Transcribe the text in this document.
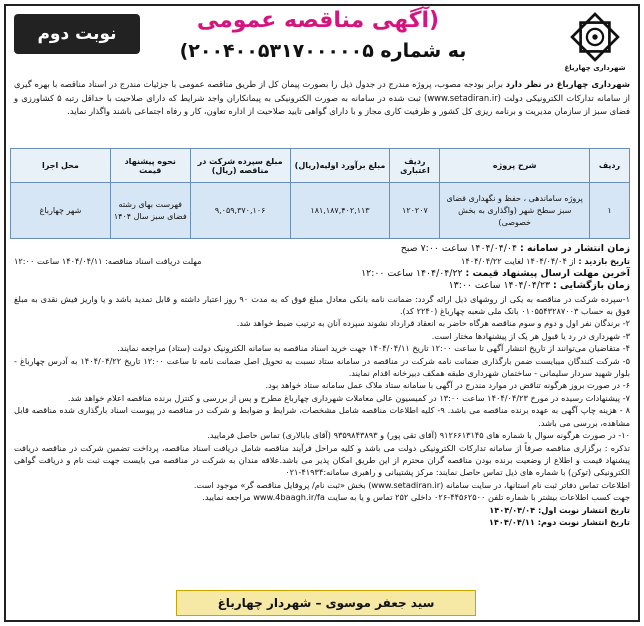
شهرداری چهارباغ
(آگهی مناقصه عمومی
به شماره ۲۰۰۴۰۰۵۳۱۷۰۰۰۰۰۵)
نوبت دوم
شهرداری چهارباغ در نظر دارد برابر بودجه مصوب، پروژه مندرج در جدول ذیل را بصورت پیمان کل از طریق مناقصه عمومی با جزئیات مندرج در اسناد مناقصه با بهره گیری از سامانه تدارکات الکترونیکی دولت (www.setadiran.ir) ثبت شده در سامانه به صورت الکترونیکی به پیمانکاران واجد شرایط که دارای صلاحیت با حداقل رتبه ۵ کشاورزی و فضای سبز از سازمان مدیریت و برنامه ریزی کل کشور و ظرفیت کاری مجاز و با دارای گواهی تایید صلاحیت از اداره تعاون، کار و رفاه اجتماعی باشند واگذار نماید.
ردیف	شرح پروژه	ردیف اعتباری	مبلغ برآورد اولیه(ریال)	مبلغ سپرده شرکت در مناقصه (ریال)	نحوه پیشنهاد قیمت	محل اجرا
۱	پروژه ساماندهی ، حفظ و نگهداری فضای سبز سطح شهر (واگذاری به بخش خصوصی)	۱۲۰۲۰۷	۱۸۱,۱۸۷,۴۰۲,۱۱۳	۹,۰۵۹,۳۷۰,۱۰۶	فهرست بهای رشته فضای سبز سال ۱۴۰۴	شهر چهارباغ

زمان انتشار در سامانه : ۱۴۰۴/۰۴/۰۴ ساعت ۷:۰۰ صبح

تاریخ بازدید : از ۱۴۰۴/۰۴/۰۴ لغایت ۱۴۰۴/۰۴/۲۲
مهلت دریافت اسناد مناقصه: ۱۴۰۴/۰۴/۱۱ ساعت ۱۲:۰۰

آخرین مهلت ارسال پیشنهاد قیمت : ۱۴۰۴/۰۴/۲۲ ساعت ۱۲:۰۰

زمان بازگشایی : ۱۴۰۴/۰۴/۲۳ ساعت ۱۳:۰۰

۱-سپرده شرکت در مناقصه به یکی از روشهای ذیل ارائه گردد: ضمانت نامه بانکی معادل مبلغ فوق که به مدت ۹۰ روز اعتبار داشته و قابل تمدید باشد و یا واریز فیش نقدی به مبلغ فوق به حساب ۰۱۰۵۵۴۳۲۸۷۰۰۳ بانک ملی شعبه چهارباغ (۲۲۴۰ کد).

۲- برندگان نفر اول و دوم و سوم مناقصه هرگاه حاضر به انعقاد قرارداد نشوند سپرده آنان به ترتیب ضبط خواهد شد.

۳- شهرداری در رد یا قبول هر یک از پیشنهادها مختار است.

۴- متقاضیان می‌توانند از تاریخ انتشار آگهی تا ساعت ۱۲:۰۰ تاریخ ۱۴۰۴/۰۴/۱۱ جهت خرید اسناد مناقصه به سامانه الکترونیک دولت (ستاد) مراجعه نمایند.

۵- شرکت کنندگان میبایست ضمن بارگذاری ضمانت نامه شرکت در مناقصه در سامانه ستاد نسبت به تحویل اصل ضمانت نامه تا ساعت ۱۲:۰۰ تاریخ ۱۴۰۴/۰۴/۲۲ به آدرس چهارباغ - بلوار شهید سردار سلیمانی - ساختمان شهرداری طبقه همکف دبیرخانه اقدام نمایند.

۶- در صورت بروز هرگونه تناقض در موارد مندرج در آگهی با سامانه ستاد ملاک عمل سامانه ستاد خواهد بود.

۷- پیشنهادات رسیده در مورخ ۱۴۰۴/۰۴/۲۳ ساعت ۱۳:۰۰ در کمیسیون عالی معاملات شهرداری چهارباغ مطرح و پس از بررسی و کنترل برنده مناقصه اعلام خواهد شد.

۸ - هزینه چاپ آگهی به عهده برنده مناقصه می باشد. ۹- کلیه اطلاعات مناقصه شامل مشخصات، شرایط و ضوابط و شرکت در مناقصه در پیوست اسناد بارگذاری شده مناقصه قابل مشاهده، بررسی می باشد.

۱۰- در صورت هرگونه سوال با شماره های ۹۱۲۶۶۱۳۱۴۵ (آقای تقی پور) و ۹۳۵۹۸۴۳۸۹۳ (آقای بابالاری) تماس حاصل فرمایید.

تذکره : برگزاری مناقصه صرفاً از سامانه تدارکات الکترونیکی دولت می باشد و کلیه مراحل فرآیند مناقصه شامل دریافت اسناد مناقصه، پرداخت تضمین شرکت در مناقصه دریافت پیشنهاد قیمت و اطلاع از وضعیت برنده بودن مناقصه گران محترم از این طریق امکان پذیر می باشد.علاقه مندان به شرکت در مناقصه می بایست جهت ثبت نام و دریافت گواهی الکترونیکی (توکن) با شماره های ذیل تماس حاصل نمایند: مرکز پشتیبانی و راهبری سامانه:۴۱۹۳۴-۰۲۱

اطلاعات تماس دفاتر ثبت نام استانها، در سایت سامانه (www.setadiran.ir) بخش «ثبت نام/ پروفایل مناقصه گر» موجود است.

جهت کسب اطلاعات بیشتر با شماره تلفن ۴۴۵۶۲۵۰۰-۰۲۶ داخلی ۲۵۲ تماس و یا به سایت www.4baagh.ir/fa مراجعه نمایید.

تاریخ انتشار نوبت اول: ۱۴۰۴/۰۴/۰۴

تاریخ انتشار نوبت دوم: ۱۴۰۴/۰۴/۱۱

سید جعفر موسوی – شهردار چهارباغ
